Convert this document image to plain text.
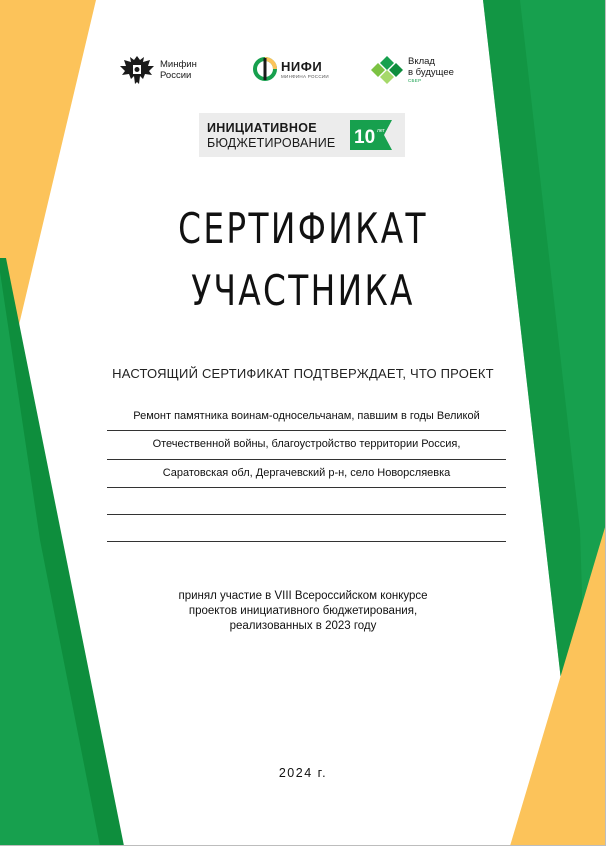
Минфин
России
НИФИ
МИНФИНА РОССИИ
Вклад
в будущее
СБЕР
ИНИЦИАТИВНОЕ
БЮДЖЕТИРОВАНИЕ 10 лет
СЕРТИФИКАТ
УЧАСТНИКА
НАСТОЯЩИЙ СЕРТИФИКАТ ПОДТВЕРЖДАЕТ, ЧТО ПРОЕКТ
Ремонт памятника воинам-односельчанам, павшим в годы Великой
Отечественной войны, благоустройство территории Россия,
Саратовская обл, Дергачевский р-н, село Новорсляевка
принял участие в VIII Всероссийском конкурсе
проектов инициативного бюджетирования,
реализованных в 2023 году
2024 г.
